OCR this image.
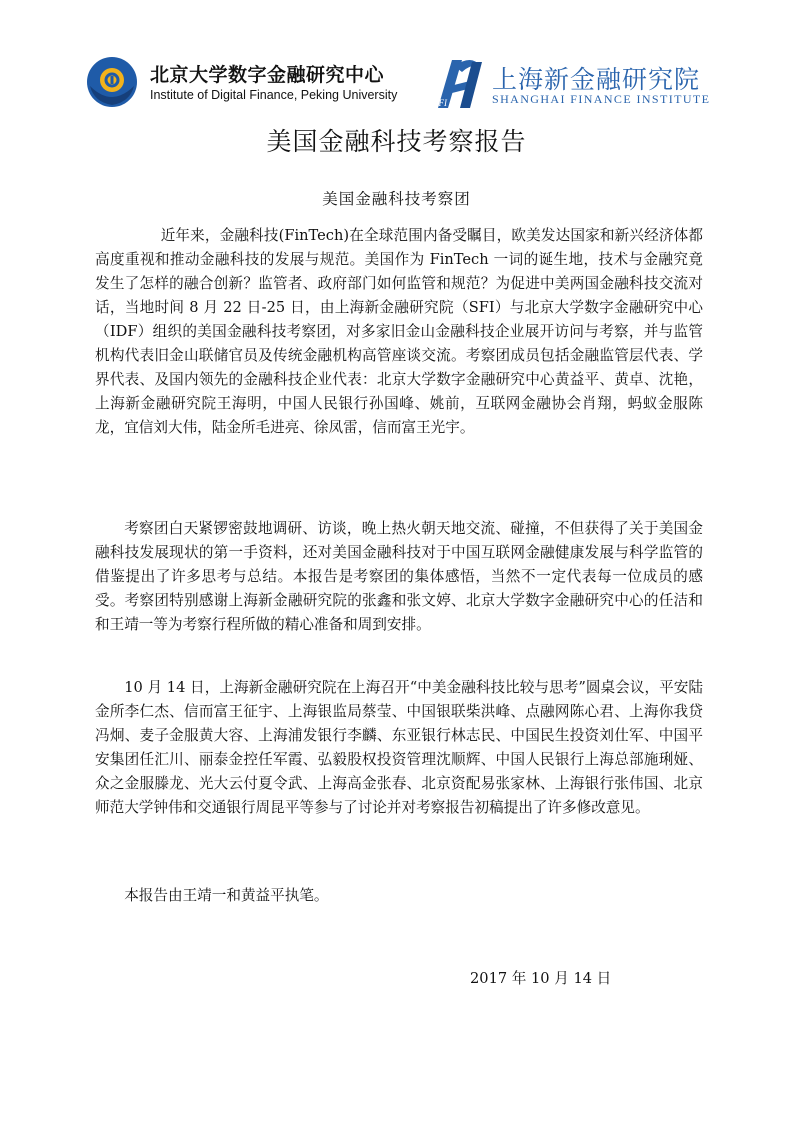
北京大学数字金融研究中心
Institute of Digital Finance, Peking University
SFI
上海新金融研究院
SHANGHAI FINANCE INSTITUTE
美国金融科技考察报告
美国金融科技考察团

近年来，金融科技(FinTech)在全球范围内备受瞩目，欧美发达国家和新兴经济体都高度重视和推动金融科技的发展与规范。美国作为 FinTech 一词的诞生地，技术与金融究竟发生了怎样的融合创新？监管者、政府部门如何监管和规范？为促进中美两国金融科技交流对话，当地时间 8 月 22 日-25 日，由上海新金融研究院（SFI）与北京大学数字金融研究中心（IDF）组织的美国金融科技考察团，对多家旧金山金融科技企业展开访问与考察，并与监管机构代表旧金山联储官员及传统金融机构高管座谈交流。考察团成员包括金融监管层代表、学界代表、及国内领先的金融科技企业代表：北京大学数字金融研究中心黄益平、黄卓、沈艳，上海新金融研究院王海明，中国人民银行孙国峰、姚前，互联网金融协会肖翔，蚂蚁金服陈龙，宜信刘大伟，陆金所毛进亮、徐凤雷，信而富王光宇。

考察团白天紧锣密鼓地调研、访谈，晚上热火朝天地交流、碰撞，不但获得了关于美国金融科技发展现状的第一手资料，还对美国金融科技对于中国互联网金融健康发展与科学监管的借鉴提出了许多思考与总结。本报告是考察团的集体感悟，当然不一定代表每一位成员的感受。考察团特别感谢上海新金融研究院的张鑫和张文婷、北京大学数字金融研究中心的任洁和和王靖一等为考察行程所做的精心准备和周到安排。

10 月 14 日，上海新金融研究院在上海召开“中美金融科技比较与思考”圆桌会议，平安陆金所李仁杰、信而富王征宇、上海银监局蔡莹、中国银联柴洪峰、点融网陈心君、上海你我贷冯炯、麦子金服黄大容、上海浦发银行李麟、东亚银行林志民、中国民生投资刘仕军、中国平安集团任汇川、丽泰金控任军霞、弘毅股权投资管理沈顺辉、中国人民银行上海总部施琍娅、众之金服滕龙、光大云付夏令武、上海高金张春、北京资配易张家林、上海银行张伟国、北京师范大学钟伟和交通银行周昆平等参与了讨论并对考察报告初稿提出了许多修改意见。

本报告由王靖一和黄益平执笔。

2017 年 10 月 14 日
